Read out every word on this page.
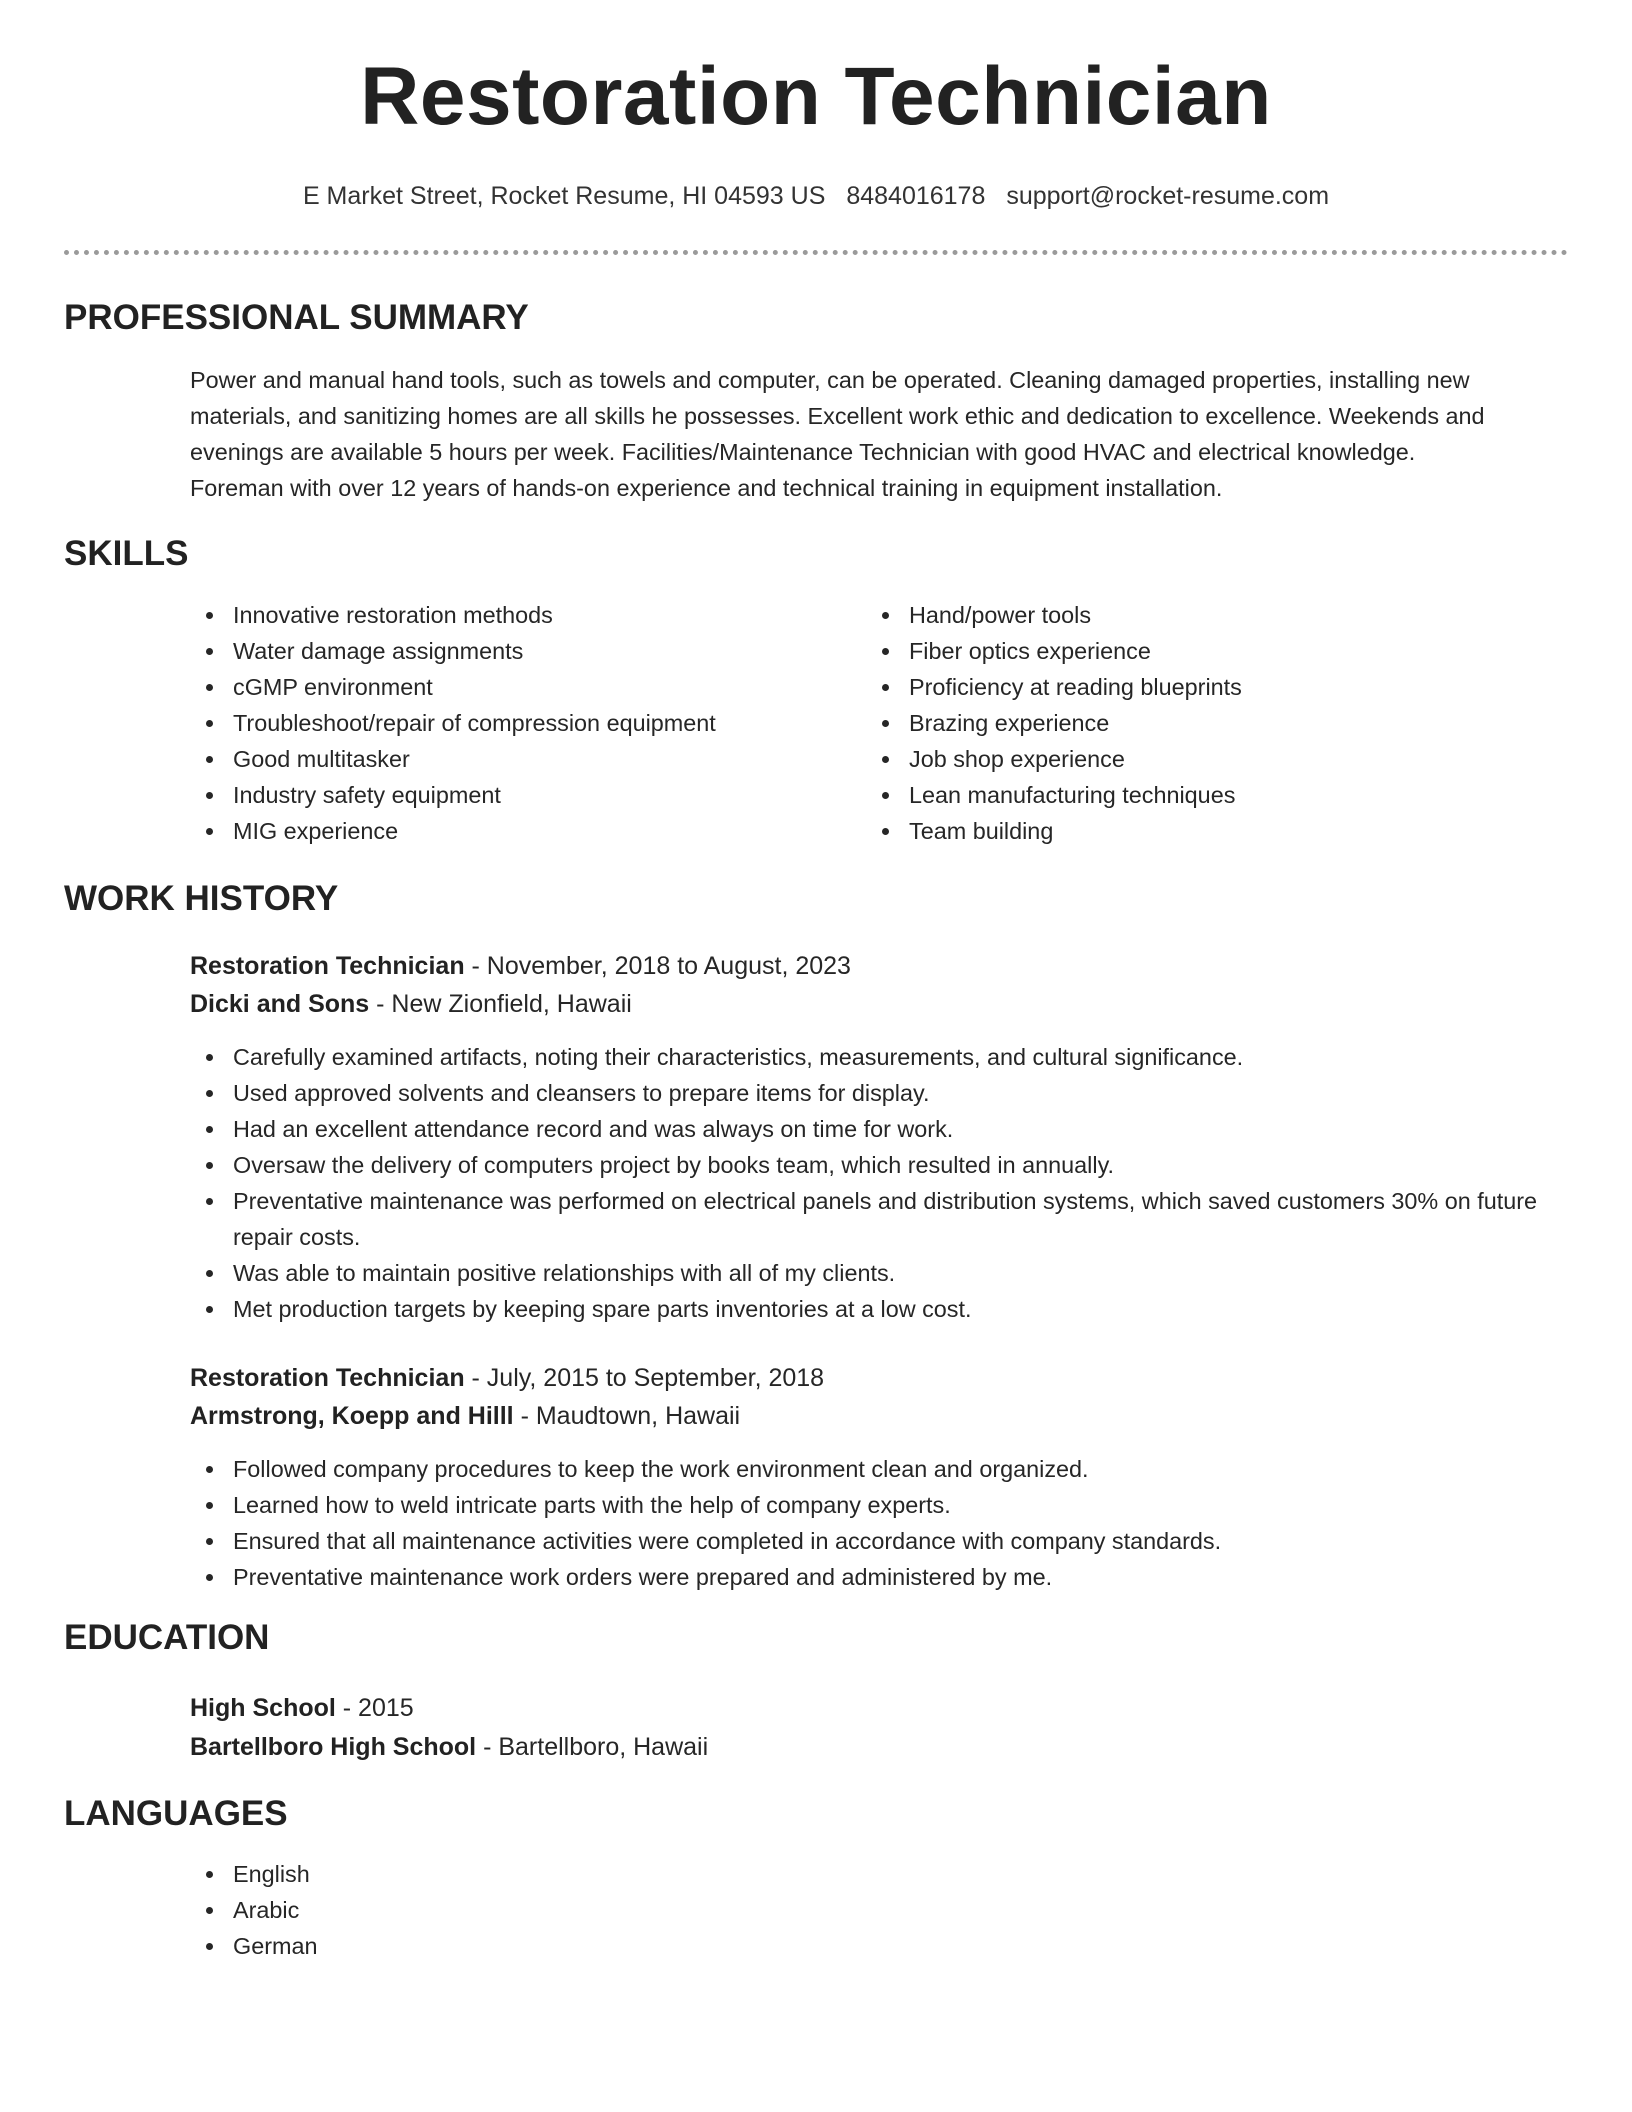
Restoration Technician
E Market Street, Rocket Resume, HI 04593 US 8484016178 support@rocket-resume.com
PROFESSIONAL SUMMARY
Power and manual hand tools, such as towels and computer, can be operated. Cleaning damaged properties, installing new
materials, and sanitizing homes are all skills he possesses. Excellent work ethic and dedication to excellence. Weekends and
evenings are available 5 hours per week. Facilities/Maintenance Technician with good HVAC and electrical knowledge.
Foreman with over 12 years of hands-on experience and technical training in equipment installation.
SKILLS
Innovative restoration methods
Water damage assignments
cGMP environment
Troubleshoot/repair of compression equipment
Good multitasker
Industry safety equipment
MIG experience
Hand/power tools
Fiber optics experience
Proficiency at reading blueprints
Brazing experience
Job shop experience
Lean manufacturing techniques
Team building
WORK HISTORY
Restoration Technician - November, 2018 to August, 2023
Dicki and Sons - New Zionfield, Hawaii
Carefully examined artifacts, noting their characteristics, measurements, and cultural significance.
Used approved solvents and cleansers to prepare items for display.
Had an excellent attendance record and was always on time for work.
Oversaw the delivery of computers project by books team, which resulted in annually.
Preventative maintenance was performed on electrical panels and distribution systems, which saved customers 30% on future repair costs.
Was able to maintain positive relationships with all of my clients.
Met production targets by keeping spare parts inventories at a low cost.
Restoration Technician - July, 2015 to September, 2018
Armstrong, Koepp and Hilll - Maudtown, Hawaii
Followed company procedures to keep the work environment clean and organized.
Learned how to weld intricate parts with the help of company experts.
Ensured that all maintenance activities were completed in accordance with company standards.
Preventative maintenance work orders were prepared and administered by me.
EDUCATION
High School - 2015
Bartellboro High School - Bartellboro, Hawaii
LANGUAGES
English
Arabic
German
